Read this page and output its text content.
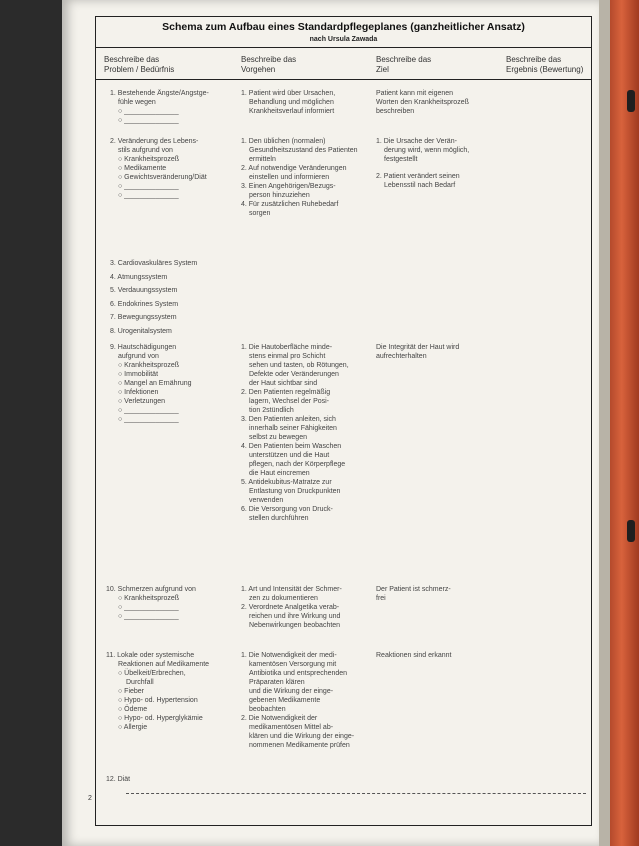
Schema zum Aufbau eines Standardpflegeplanes (ganzheitlicher Ansatz)
nach Ursula Zawada
Beschreibe das
Problem / Bedürfnis
Beschreibe das
Vorgehen
Beschreibe das
Ziel
Beschreibe das
Ergebnis (Bewertung)
1. Bestehende Ängste/Angstge-
fühle wegen
○ ______________
○ ______________
1. Patient wird über Ursachen,
Behandlung und möglichen
Krankheitsverlauf informiert
Patient kann mit eigenen
Worten den Krankheitsprozeß
beschreiben
2. Veränderung des Lebens-
stils aufgrund von
○ Krankheitsprozeß
○ Medikamente
○ Gewichtsveränderung/Diät
○ ______________
○ ______________
1. Den üblichen (normalen)
Gesundheitszustand des Patienten
ermitteln
2. Auf notwendige Veränderungen
einstellen und informieren
3. Einen Angehörigen/Bezugs-
person hinzuziehen
4. Für zusätzlichen Ruhebedarf
sorgen
1. Die Ursache der Verän-
derung wird, wenn möglich,
festgestellt
2. Patient verändert seinen
Lebensstil nach Bedarf
3. Cardiovaskuläres System
4. Atmungssystem
5. Verdauungssystem
6. Endokrines System
7. Bewegungssystem
8. Urogenitalsystem
9. Hautschädigungen
aufgrund von
○ Krankheitsprozeß
○ Immobilität
○ Mangel an Ernährung
○ Infektionen
○ Verletzungen
○ ______________
○ ______________
1. Die Hautoberfläche minde-
stens einmal pro Schicht
sehen und tasten, ob Rötungen,
Defekte oder Veränderungen
der Haut sichtbar sind
2. Den Patienten regelmäßig
lagern, Wechsel der Posi-
tion 2stündlich
3. Den Patienten anleiten, sich
innerhalb seiner Fähigkeiten
selbst zu bewegen
4. Den Patienten beim Waschen
unterstützen und die Haut
pflegen, nach der Körperpflege
die Haut eincremen
5. Antidekubitus-Matratze zur
Entlastung von Druckpunkten
verwenden
6. Die Versorgung von Druck-
stellen durchführen
Die Integrität der Haut wird
aufrechterhalten
10. Schmerzen aufgrund von
○ Krankheitsprozeß
○ ______________
○ ______________
1. Art und Intensität der Schmer-
zen zu dokumentieren
2. Verordnete Analgetika verab-
reichen und ihre Wirkung und
Nebenwirkungen beobachten
Der Patient ist schmerz-
frei
11. Lokale oder systemische
Reaktionen auf Medikamente
○ Übelkeit/Erbrechen,
Durchfall
○ Fieber
○ Hypo- od. Hypertension
○ Ödeme
○ Hypo- od. Hyperglykämie
○ Allergie
1. Die Notwendigkeit der medi-
kamentösen Versorgung mit
Antibiotika und entsprechenden
Präparaten klären
und die Wirkung der einge-
gebenen Medikamente
beobachten
2. Die Notwendigkeit der
medikamentösen Mittel ab-
klären und die Wirkung der einge-
nommenen Medikamente prüfen
Reaktionen sind erkannt
12. Diät
2
